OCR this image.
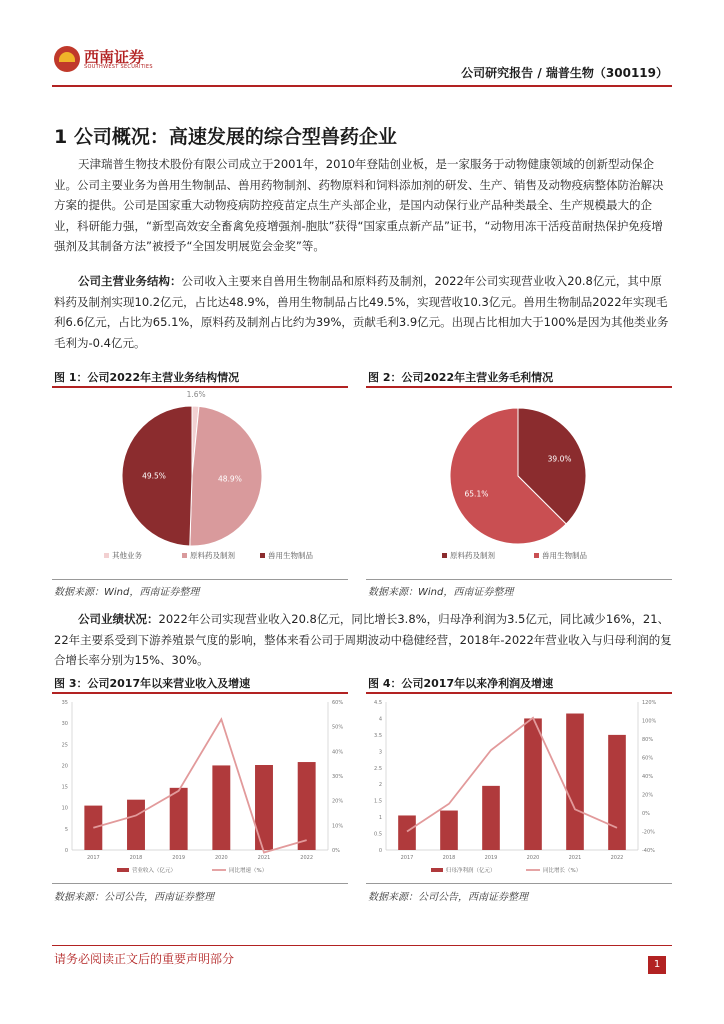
西南证券
SOUTHWEST SECURITIES	公司研究报告 / 瑞普生物（300119）
1 公司概况：高速发展的综合型兽药企业
天津瑞普生物技术股份有限公司成立于2001年，2010年登陆创业板，是一家服务于动物健康领域的创新型动保企业。公司主要业务为兽用生物制品、兽用药物制剂、药物原料和饲料添加剂的研发、生产、销售及动物疫病整体防治解决方案的提供。公司是国家重大动物疫病防控疫苗定点生产头部企业，是国内动保行业产品种类最全、生产规模最大的企业，科研能力强，“新型高效安全畜禽免疫增强剂-胞肽”获得“国家重点新产品”证书，“动物用冻干活疫苗耐热保护免疫增强剂及其制备方法”被授予“全国发明展览会金奖”等。
公司主营业务结构：公司收入主要来自兽用生物制品和原料药及制剂，2022年公司实现营业收入20.8亿元，其中原料药及制剂实现10.2亿元，占比达48.9%，兽用生物制品占比49.5%，实现营收10.3亿元。兽用生物制品2022年实现毛利6.6亿元，占比为65.1%，原料药及制剂占比约为39%，贡献毛利3.9亿元。出现占比相加大于100%是因为其他类业务毛利为-0.4亿元。
图 1：公司2022年主营业务结构情况	图 2：公司2022年主营业务毛利情况
1.6%
48.9%
49.5%
其他业务	原料药及制剂	兽用生物制品
39.0%
65.1%
原料药及制剂	兽用生物制品
数据来源：Wind，西南证券整理	数据来源：Wind，西南证券整理
公司业绩状况：2022年公司实现营业收入20.8亿元，同比增长3.8%，归母净利润为3.5亿元，同比减少16%，21、22年主要系受到下游养殖景气度的影响，整体来看公司于周期波动中稳健经营，2018年-2022年营业收入与归母利润的复合增长率分别为15%、30%。
图 3：公司2017年以来营业收入及增速	图 4：公司2017年以来净利润及增速
0
5
10
15
20
25
30
35
0%
10%
20%
30%
40%
50%
60%
2017	2018	2019	2020	2021	2022
营业收入（亿元）	同比增速（%）
0
0.5
1
1.5
2
2.5
3
3.5
4
4.5
-40%
-20%
0%
20%
40%
60%
80%
100%
120%
2017	2018	2019	2020	2021	2022
归母净利润（亿元）	同比增长（%）
数据来源：公司公告，西南证券整理	数据来源：公司公告，西南证券整理
请务必阅读正文后的重要声明部分	1
